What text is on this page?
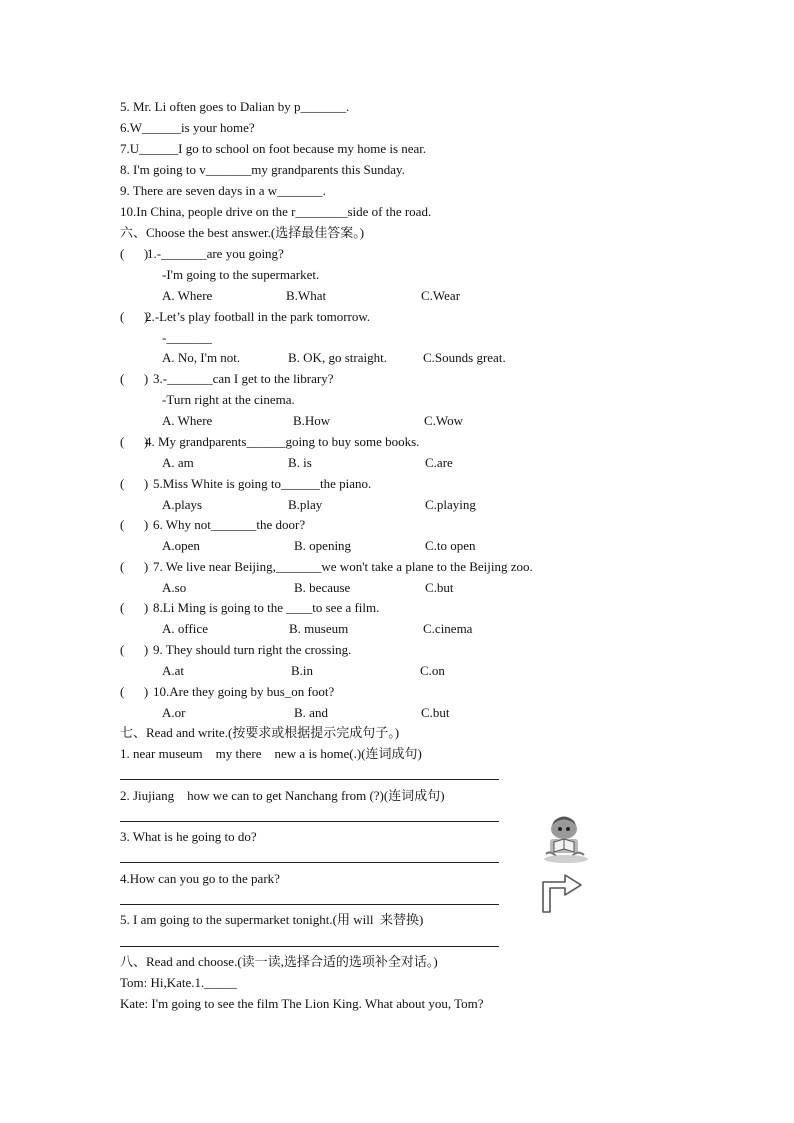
5. Mr. Li often goes to Dalian by p_______.
6.W______is your home?
7.U______I go to school on foot because my home is near.
8. I'm going to v_______my grandparents this Sunday.
9. There are seven days in a w_______.
10.In China, people drive on the r________side of the road.
六、Choose the best answer.(选择最佳答案。)
(      )
1.-_______are you going?
-I'm going to the supermarket.
A. Where	B.What	C.Wear
(      )
2.-Let’s play football in the park tomorrow.
-_______
A. No, I'm not.	B. OK, go straight.	C.Sounds great.
(      ) 3.-_______can I get to the library?
-Turn right at the cinema.
A. Where	B.How	C.Wow
(      )
4. My grandparents______going to buy some books.
A. am	B. is	C.are
(      ) 5.Miss White is going to______the piano.
A.plays	B.play	C.playing
(      ) 6. Why not_______the door?
A.open	B. opening	C.to open
(      ) 7. We live near Beijing,_______we won't take a plane to the Beijing zoo.
A.so	B. because	C.but
(      ) 8.Li Ming is going to the ____to see a film.
A. office	B. museum	C.cinema
(      ) 9. They should turn right the crossing.
A.at	B.in	C.on
(      ) 10.Are they going by bus_on foot?
A.or	B. and	C.but
七、Read and write.(按要求或根据提示完成句子。)
1. near museum    my there    new a is home(.)(连词成句)
2. Jiujiang    how we can to get Nanchang from (?)(连词成句)
3. What is he going to do?
4.How can you go to the park?
5. I am going to the supermarket tonight.(用 will  来替换)
八、Read and choose.(读一读,选择合适的选项补全对话。)
Tom: Hi,Kate.1._____
Kate: I'm going to see the film The Lion King. What about you, Tom?
